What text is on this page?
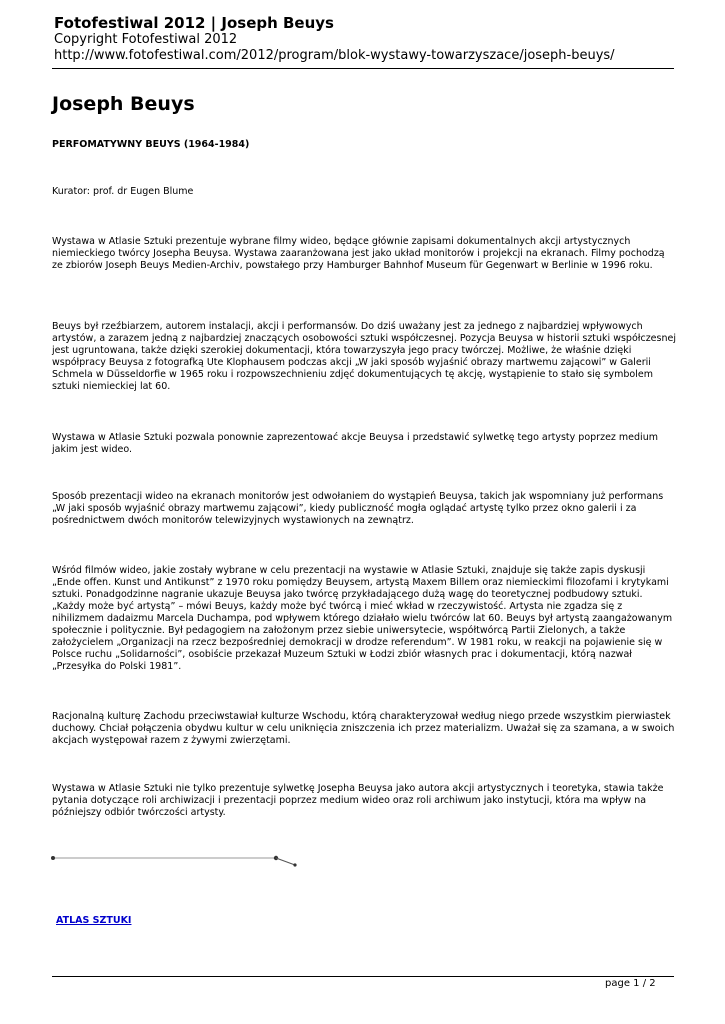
Fotofestiwal 2012 | Joseph Beuys
Copyright Fotofestiwal 2012
http://www.fotofestiwal.com/2012/program/blok-wystawy-towarzyszace/joseph-beuys/
Joseph Beuys
PERFOMATYWNY BEUYS (1964-1984)
Kurator: prof. dr Eugen Blume

Wystawa w Atlasie Sztuki prezentuje wybrane filmy wideo, będące głównie zapisami dokumentalnych akcji artystycznych niemieckiego twórcy Josepha Beuysa. Wystawa zaaranżowana jest jako układ monitorów i projekcji na ekranach. Filmy pochodzą ze zbiorów Joseph Beuys Medien-Archiv, powstałego przy Hamburger Bahnhof Museum für Gegenwart w Berlinie w 1996 roku.

Beuys był rzeźbiarzem, autorem instalacji, akcji i performansów. Do dziś uważany jest za jednego z najbardziej wpływowych artystów, a zarazem jedną z najbardziej znaczących osobowości sztuki współczesnej. Pozycja Beuysa w historii sztuki współczesnej jest ugruntowana, także dzięki szerokiej dokumentacji, która towarzyszyła jego pracy twórczej. Możliwe, że właśnie dzięki współpracy Beuysa z fotografką Ute Klophausem podczas akcji „W jaki sposób wyjaśnić obrazy martwemu zającowi” w Galerii Schmela w Düsseldorfie w 1965 roku i rozpowszechnieniu zdjęć dokumentujących tę akcję, wystąpienie to stało się symbolem sztuki niemieckiej lat 60.

Wystawa w Atlasie Sztuki pozwala ponownie zaprezentować akcje Beuysa i przedstawić sylwetkę tego artysty poprzez medium jakim jest wideo.

Sposób prezentacji wideo na ekranach monitorów jest odwołaniem do wystąpień Beuysa, takich jak wspomniany już performans „W jaki sposób wyjaśnić obrazy martwemu zającowi”, kiedy publiczność mogła oglądać artystę tylko przez okno galerii i za pośrednictwem dwóch monitorów telewizyjnych wystawionych na zewnątrz.

Wśród filmów wideo, jakie zostały wybrane w celu prezentacji na wystawie w Atlasie Sztuki, znajduje się także zapis dyskusji „Ende offen. Kunst und Antikunst” z 1970 roku pomiędzy Beuysem, artystą Maxem Billem oraz niemieckimi filozofami i krytykami sztuki. Ponadgodzinne nagranie ukazuje Beuysa jako twórcę przykładającego dużą wagę do teoretycznej podbudowy sztuki. „Każdy może być artystą” – mówi Beuys, każdy może być twórcą i mieć wkład w rzeczywistość. Artysta nie zgadza się z nihilizmem dadaizmu Marcela Duchampa, pod wpływem którego działało wielu twórców lat 60. Beuys był artystą zaangażowanym społecznie i politycznie. Był pedagogiem na założonym przez siebie uniwersytecie, współtwórcą Partii Zielonych, a także założycielem „Organizacji na rzecz bezpośredniej demokracji w drodze referendum”. W 1981 roku, w reakcji na pojawienie się w Polsce ruchu „Solidarności”, osobiście przekazał Muzeum Sztuki w Łodzi zbiór własnych prac i dokumentacji, którą nazwał „Przesyłka do Polski 1981”.

Racjonalną kulturę Zachodu przeciwstawiał kulturze Wschodu, którą charakteryzował według niego przede wszystkim pierwiastek duchowy. Chciał połączenia obydwu kultur w celu uniknięcia zniszczenia ich przez materializm. Uważał się za szamana, a w swoich akcjach występował razem z żywymi zwierzętami.

Wystawa w Atlasie Sztuki nie tylko prezentuje sylwetkę Josepha Beuysa jako autora akcji artystycznych i teoretyka, stawia także pytania dotyczące roli archiwizacji i prezentacji poprzez medium wideo oraz roli archiwum jako instytucji, która ma wpływ na późniejszy odbiór twórczości artysty.

ATLAS SZTUKI
page 1 / 2
